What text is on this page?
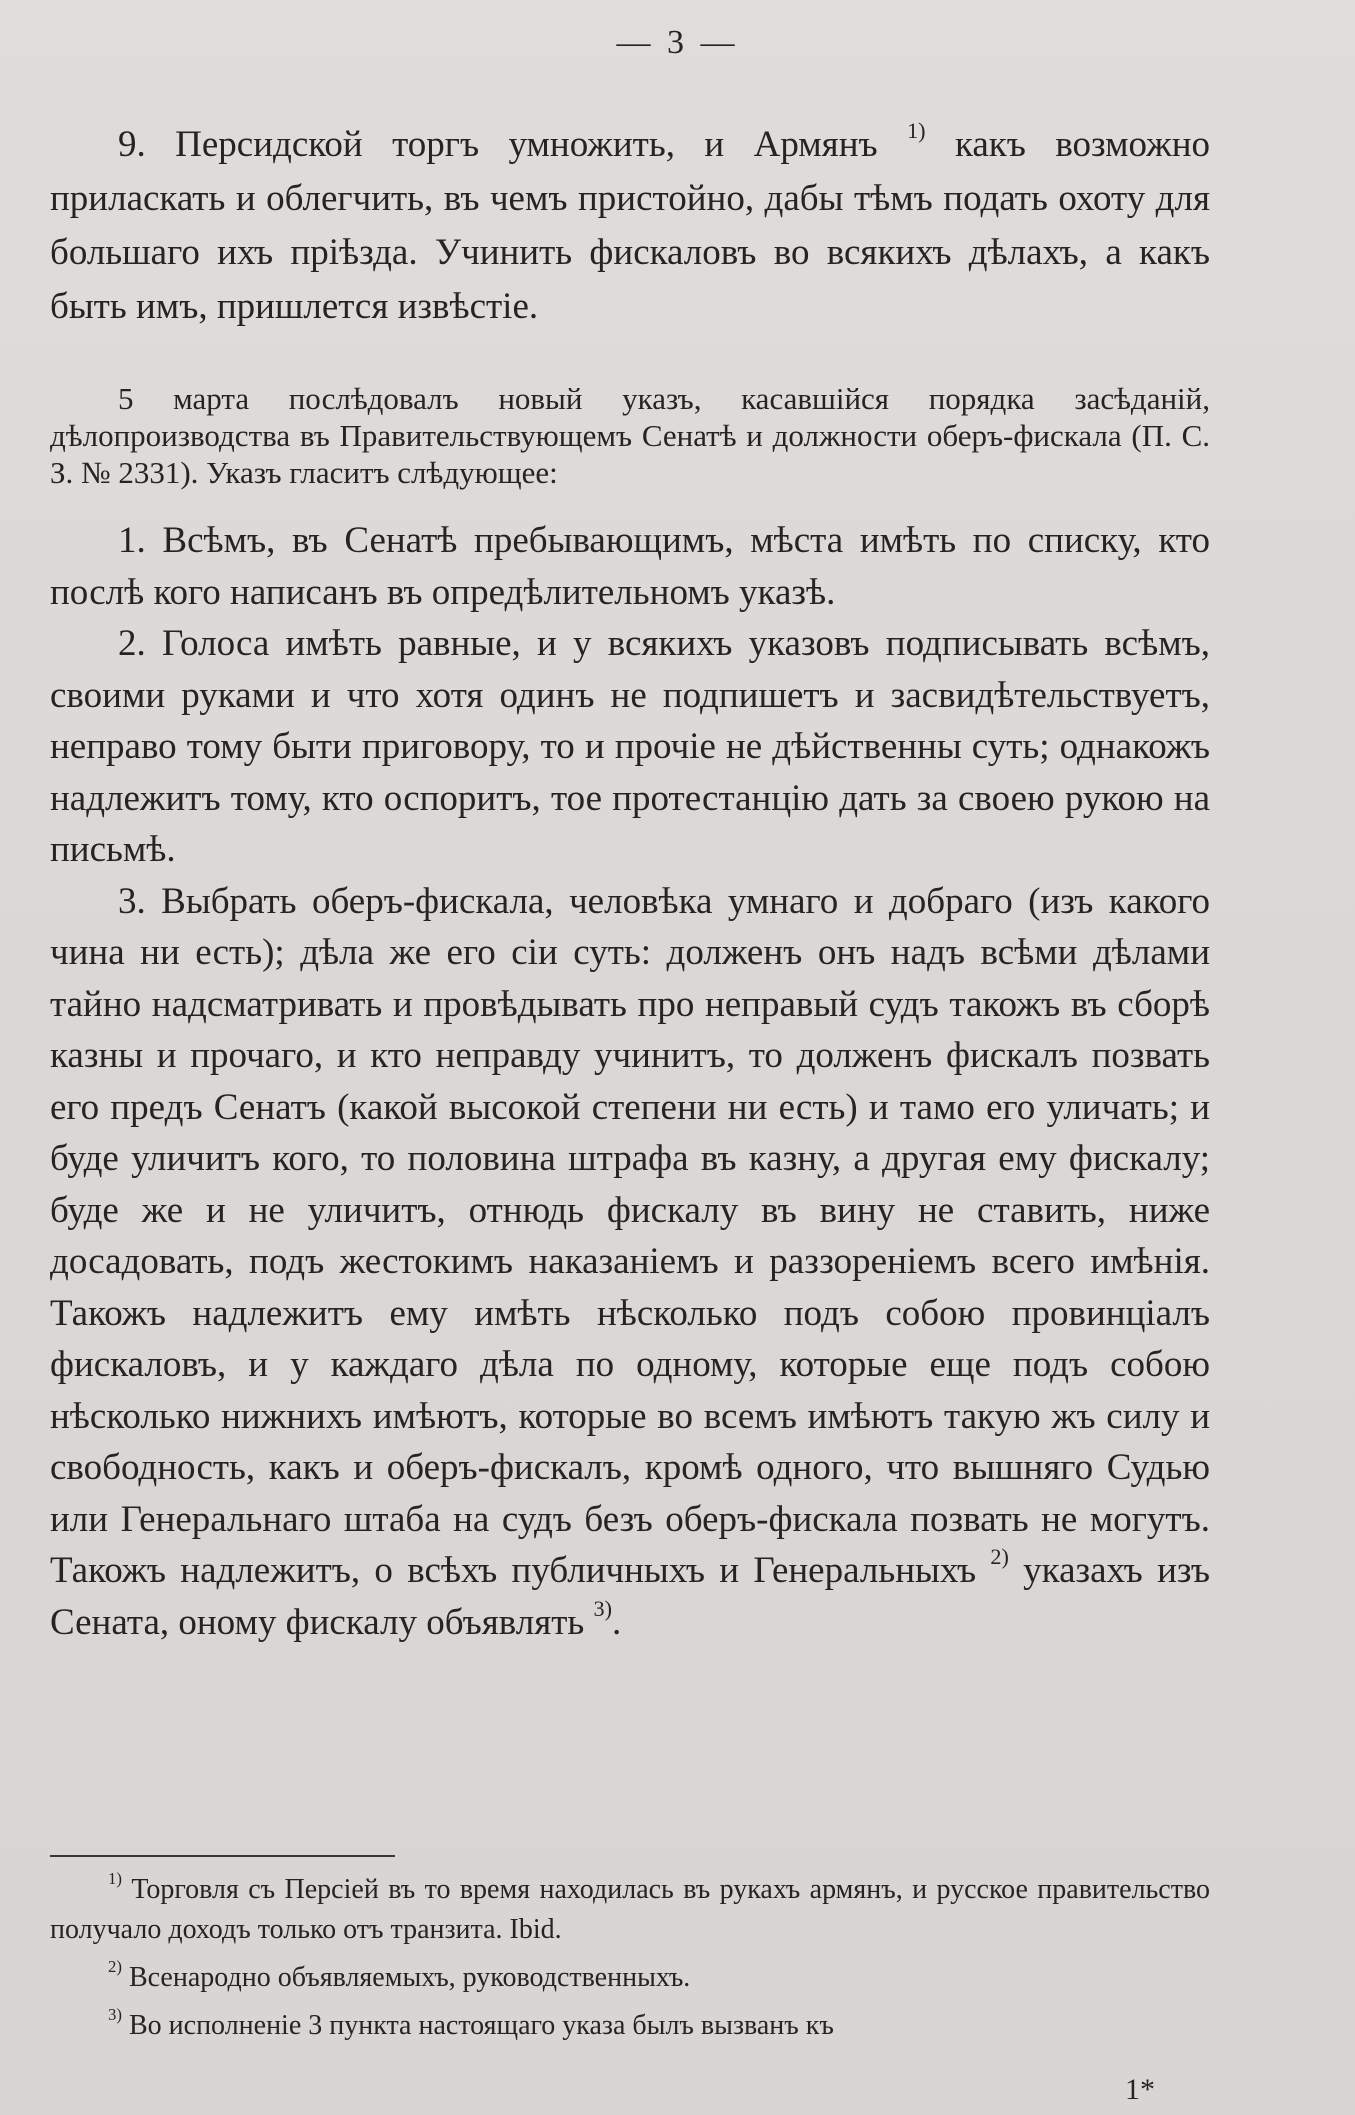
— 3 —

9. Персидской торгъ умножить, и Армянъ $^{1)}$ какъ возможно приласкать и облегчить, въ чемъ пристойно, дабы тѣмъ подать охоту для большаго ихъ пріѣзда. Учинить фискаловъ во всякихъ дѣлахъ, а какъ быть имъ, пришлется извѣстіе.

5 марта послѣдовалъ новый указъ, касавшійся порядка засѣданій, дѣлопроизводства въ Правительствующемъ Сенатѣ и должности оберъ-фискала (П. С. З. № 2331). Указъ гласитъ слѣдующее:

1. Всѣмъ, въ Сенатѣ пребывающимъ, мѣста имѣть по списку, кто послѣ кого написанъ въ опредѣлительномъ указѣ.

2. Голоса имѣть равные, и у всякихъ указовъ подписывать всѣмъ, своими руками и что хотя одинъ не подпишетъ и засвидѣтельствуетъ, неправо тому быти приговору, то и прочіе не дѣйственны суть; однакожъ надлежитъ тому, кто оспоритъ, тое протестанцію дать за своею рукою на письмѣ.

3. Выбрать оберъ-фискала, человѣка умнаго и добраго (изъ какого чина ни есть); дѣла же его сіи суть: долженъ онъ надъ всѣми дѣлами тайно надсматривать и провѣдывать про неправый судъ такожъ въ сборѣ казны и прочаго, и кто неправду учинитъ, то долженъ фискалъ позвать его предъ Сенатъ (какой высокой степени ни есть) и тамо его уличать; и буде уличитъ кого, то половина штрафа въ казну, а другая ему фискалу; буде же и не уличитъ, отнюдь фискалу въ вину не ставить, ниже досадовать, подъ жестокимъ наказаніемъ и раззореніемъ всего имѣнія. Такожъ надлежитъ ему имѣть нѣсколько подъ собою провинціалъ фискаловъ, и у каждаго дѣла по одному, которые еще подъ собою нѣсколько нижнихъ имѣютъ, которые во всемъ имѣютъ такую жъ силу и свободность, какъ и оберъ-фискалъ, кромѣ одного, что вышняго Судью или Генеральнаго штаба на судъ безъ оберъ-фискала позвать не могутъ. Такожъ надлежитъ, о всѣхъ публичныхъ и Генеральныхъ $^{2)}$ указахъ изъ Сената, оному фискалу объявлять $^{3)}$.

$^{1)}$ Торговля съ Персіей въ то время находилась въ рукахъ армянъ, и русское правительство получало доходъ только отъ транзита. Ibid.

$^{2)}$ Всенародно объявляемыхъ, руководственныхъ.

$^{3)}$ Во исполненіе 3 пункта настоящаго указа былъ вызванъ къ

1*
